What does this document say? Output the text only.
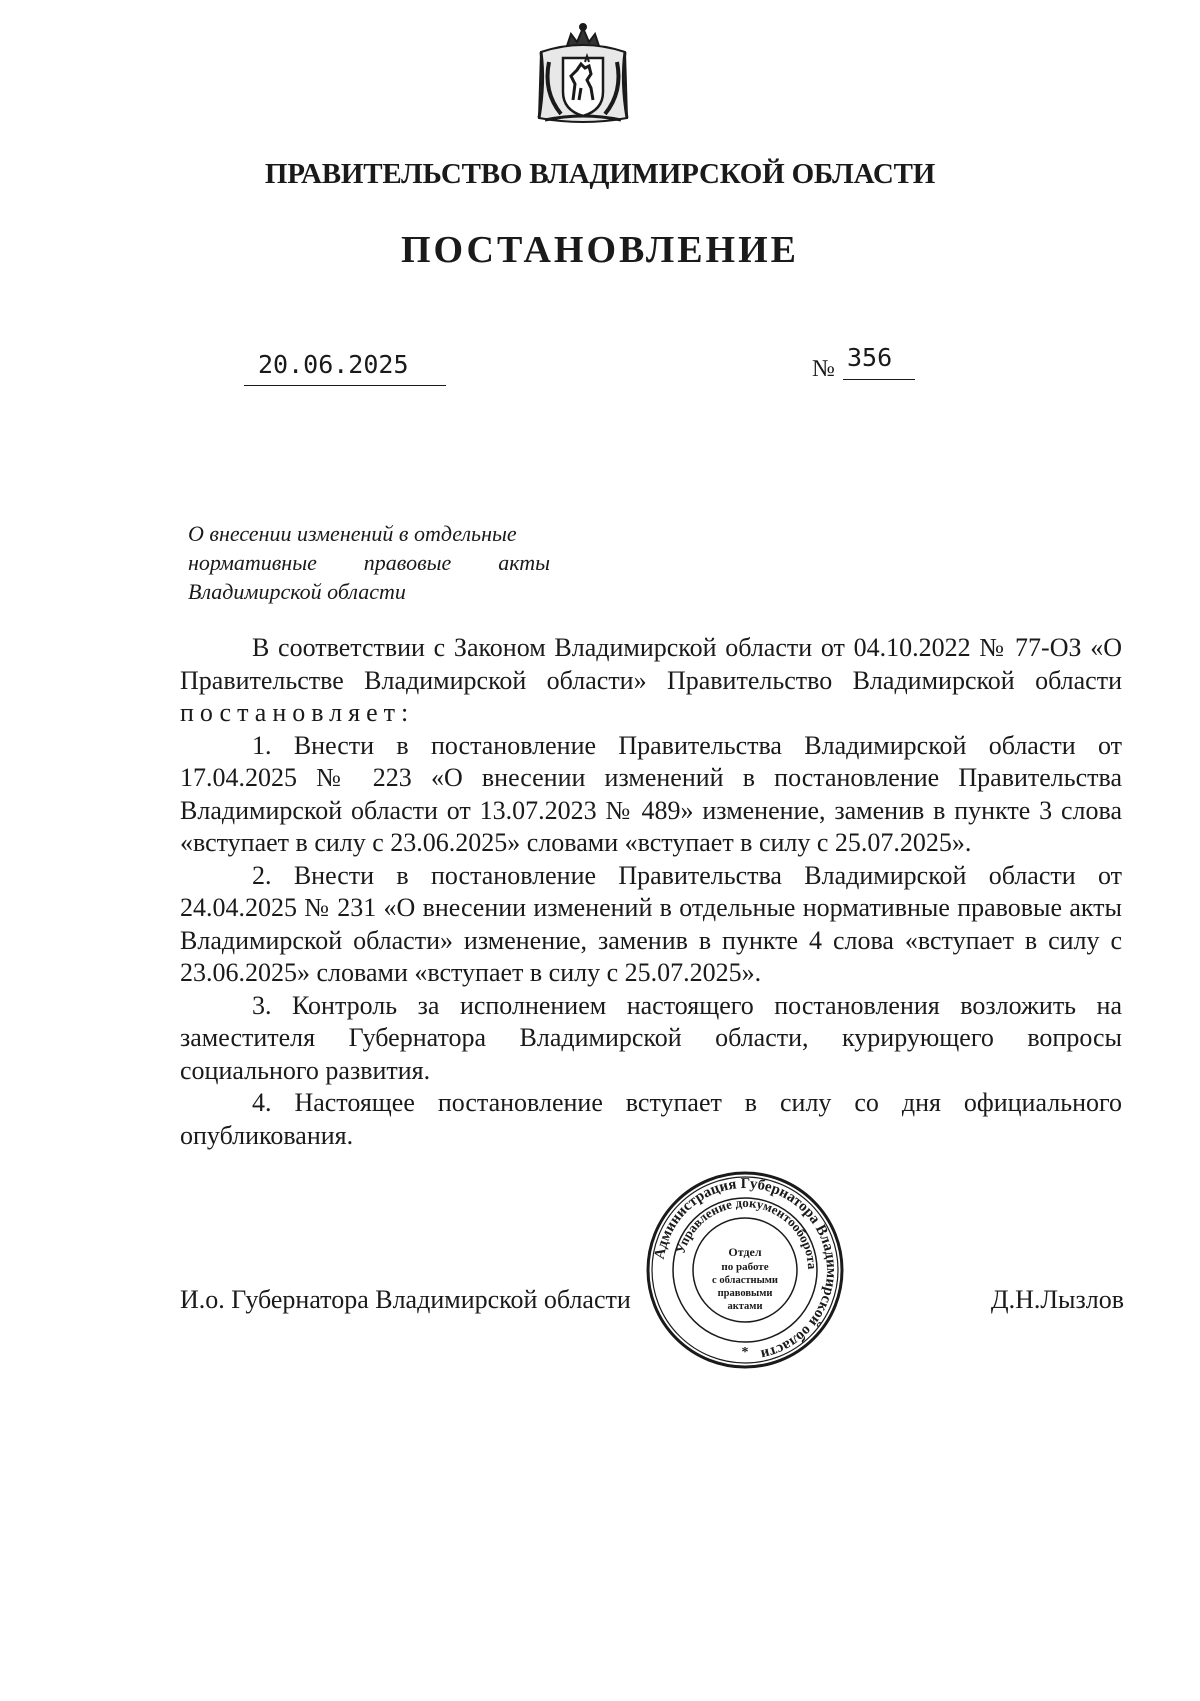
ПРАВИТЕЛЬСТВО ВЛАДИМИРСКОЙ ОБЛАСТИ
ПОСТАНОВЛЕНИЕ
20.06.2025	№ 356
О внесении изменений в отдельные
нормативные правовые акты
Владимирской области

В соответствии с Законом Владимирской области от 04.10.2022 № 77-ОЗ «О Правительстве Владимирской области» Правительство Владимирской области постановляет:

1. Внести в постановление Правительства Владимирской области от 17.04.2025 № 223 «О внесении изменений в постановление Правительства Владимирской области от 13.07.2023 № 489» изменение, заменив в пункте 3 слова «вступает в силу с 23.06.2025» словами «вступает в силу с 25.07.2025».

2. Внести в постановление Правительства Владимирской области от 24.04.2025 № 231 «О внесении изменений в отдельные нормативные правовые акты Владимирской области» изменение, заменив в пункте 4 слова «вступает в силу с 23.06.2025» словами «вступает в силу с 25.07.2025».

3. Контроль за исполнением настоящего постановления возложить на заместителя Губернатора Владимирской области, курирующего вопросы социального развития.

4. Настоящее постановление вступает в силу со дня официального опубликования.

И.о. Губернатора Владимирской области	Д.Н.Лызлов
Администрация Губернатора Владимирской области
Управление документооборота
Отдел
по работе
с областными
правовыми
актами
*
